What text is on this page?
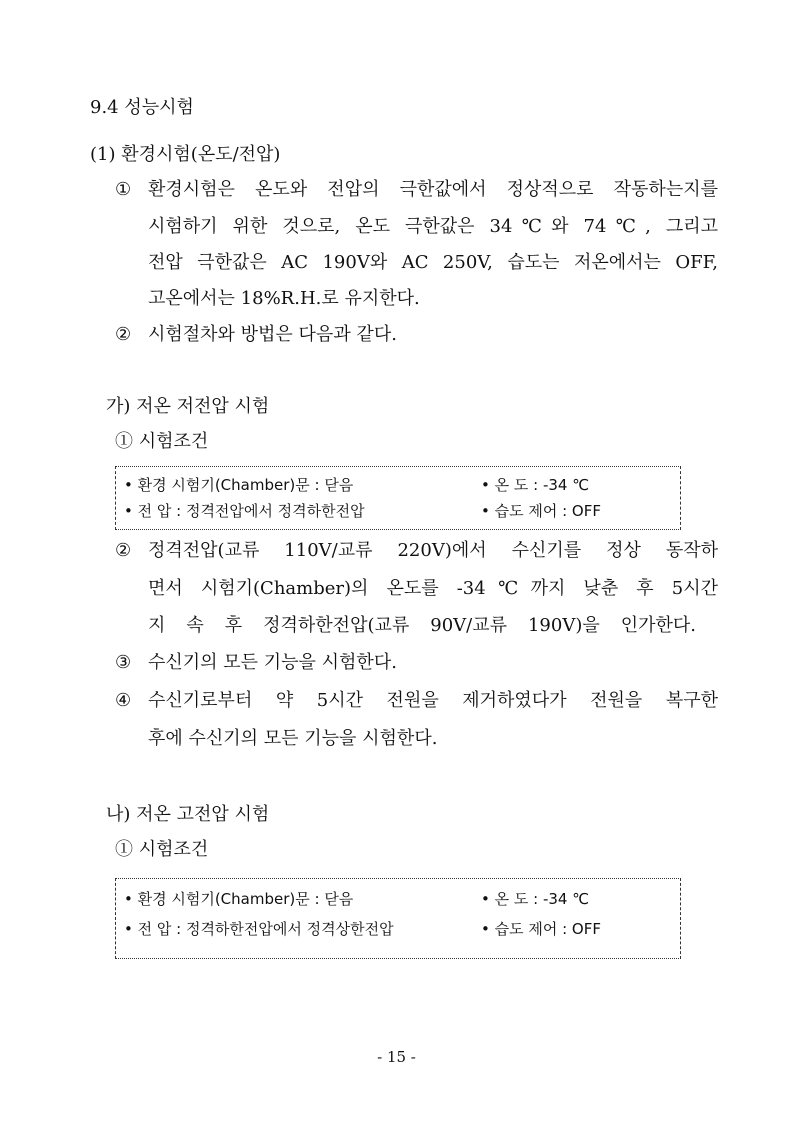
9.4 성능시험
(1) 환경시험(온도/전압)
① 환경시험은 온도와 전압의 극한값에서 정상적으로 작동하는지를
시험하기 위한 것으로, 온도 극한값은 34℃와 74℃, 그리고
전압 극한값은 AC 190V와 AC 250V, 습도는 저온에서는 OFF,
고온에서는 18%R.H.로 유지한다.
② 시험절차와 방법은 다음과 같다.
가) 저온 저전압 시험
① 시험조건
• 환경 시험기(Chamber)문 : 닫음	• 온 도 : -34 ℃
• 전 압 : 정격전압에서 정격하한전압	• 습도 제어 : OFF
② 정격전압(교류 110V/교류 220V)에서 수신기를 정상 동작하
면서 시험기(Chamber)의 온도를 -34℃까지 낮춘 후 5시간
지 속 후 정격하한전압(교류 90V/교류 190V)을 인가한다.
③ 수신기의 모든 기능을 시험한다.
④ 수신기로부터 약 5시간 전원을 제거하였다가 전원을 복구한
후에 수신기의 모든 기능을 시험한다.
나) 저온 고전압 시험
① 시험조건
• 환경 시험기(Chamber)문 : 닫음	• 온 도 : -34 ℃
• 전 압 : 정격하한전압에서 정격상한전압	• 습도 제어 : OFF
- 15 -
